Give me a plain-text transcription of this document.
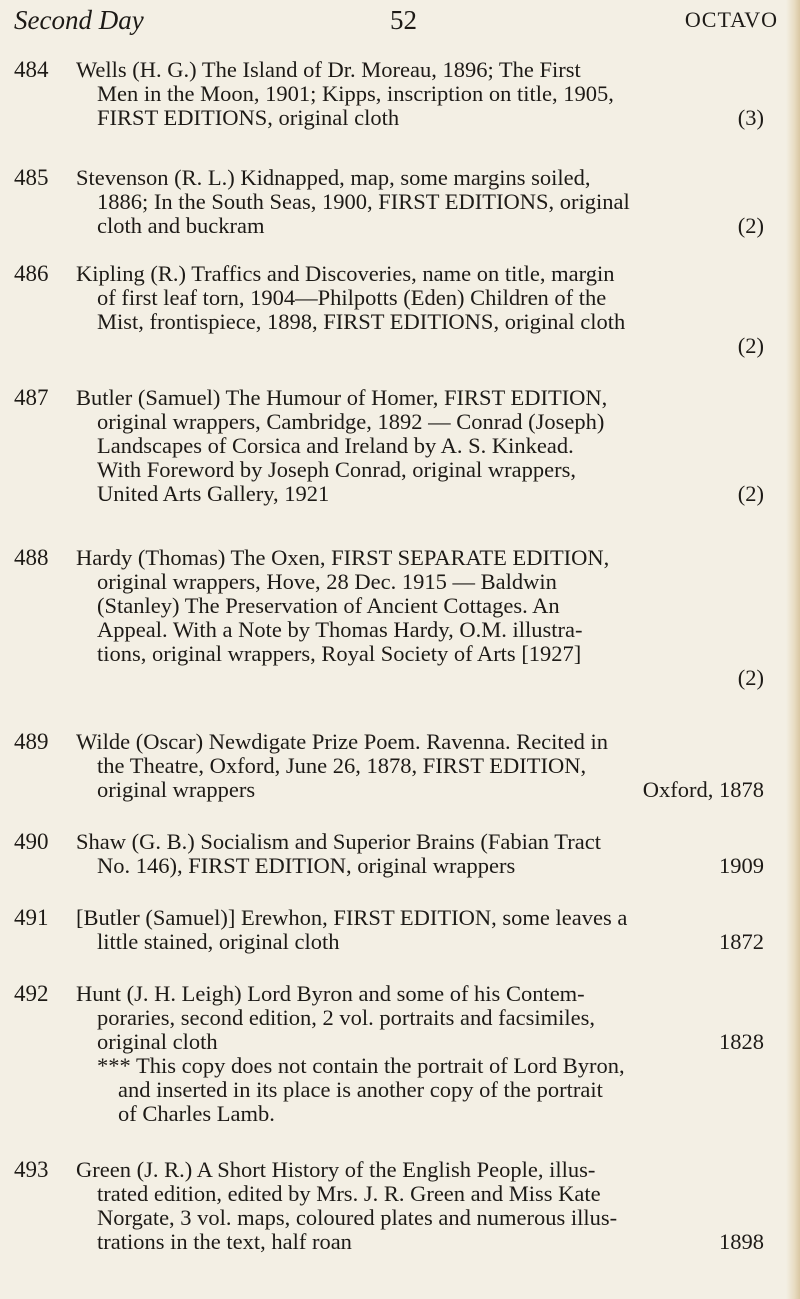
Second Day	52	OCTAVO
484	Wells (H. G.) The Island of Dr. Moreau, 1896; The First
Men in the Moon, 1901; Kipps, inscription on title, 1905,
FIRST EDITIONS, original cloth	(3)
485	Stevenson (R. L.) Kidnapped, map, some margins soiled,
1886; In the South Seas, 1900, FIRST EDITIONS, original
cloth and buckram	(2)
486	Kipling (R.) Traffics and Discoveries, name on title, margin
of first leaf torn, 1904—Philpotts (Eden) Children of the
Mist, frontispiece, 1898, FIRST EDITIONS, original cloth
(2)
487	Butler (Samuel) The Humour of Homer, FIRST EDITION,
original wrappers, Cambridge, 1892 — Conrad (Joseph)
Landscapes of Corsica and Ireland by A. S. Kinkead.
With Foreword by Joseph Conrad, original wrappers,
United Arts Gallery, 1921	(2)
488	Hardy (Thomas) The Oxen, FIRST SEPARATE EDITION,
original wrappers, Hove, 28 Dec. 1915 — Baldwin
(Stanley) The Preservation of Ancient Cottages. An
Appeal. With a Note by Thomas Hardy, O.M. illustra-
tions, original wrappers, Royal Society of Arts [1927]
(2)
489	Wilde (Oscar) Newdigate Prize Poem. Ravenna. Recited in
the Theatre, Oxford, June 26, 1878, FIRST EDITION,
original wrappers	Oxford, 1878
490	Shaw (G. B.) Socialism and Superior Brains (Fabian Tract
No. 146), FIRST EDITION, original wrappers	1909
491	[Butler (Samuel)] Erewhon, FIRST EDITION, some leaves a
little stained, original cloth	1872
492	Hunt (J. H. Leigh) Lord Byron and some of his Contem-
poraries, second edition, 2 vol. portraits and facsimiles,
original cloth	1828
*** This copy does not contain the portrait of Lord Byron,
and inserted in its place is another copy of the portrait
of Charles Lamb.
493	Green (J. R.) A Short History of the English People, illus-
trated edition, edited by Mrs. J. R. Green and Miss Kate
Norgate, 3 vol. maps, coloured plates and numerous illus-
trations in the text, half roan	1898
